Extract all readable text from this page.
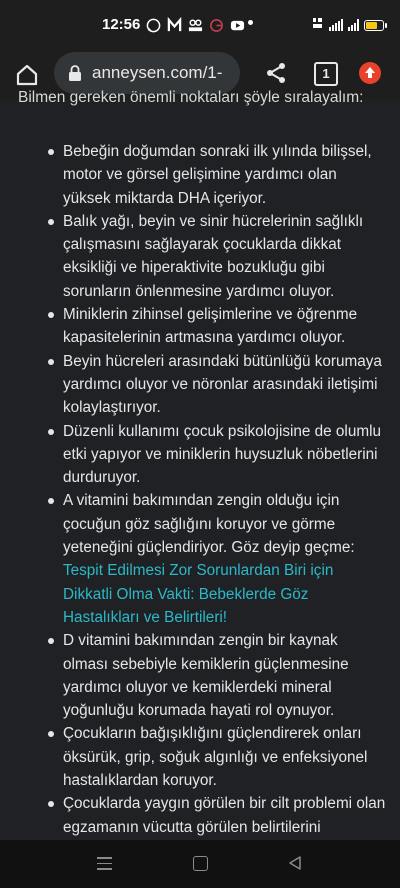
12:56
anneysen.com/1-	1
Bilmen gereken önemli noktaları şöyle sıralayalım:
Bebeğin doğumdan sonraki ilk yılında bilişsel, motor ve görsel gelişimine yardımcı olan yüksek miktarda DHA içeriyor.
Balık yağı, beyin ve sinir hücrelerinin sağlıklı çalışmasını sağlayarak çocuklarda dikkat eksikliği ve hiperaktivite bozukluğu gibi sorunların önlenmesine yardımcı oluyor.
Miniklerin zihinsel gelişimlerine ve öğrenme kapasitelerinin artmasına yardımcı oluyor.
Beyin hücreleri arasındaki bütünlüğü korumaya yardımcı oluyor ve nöronlar arasındaki iletişimi kolaylaştırıyor.
Düzenli kullanımı çocuk psikolojisine de olumlu etki yapıyor ve miniklerin huysuzluk nöbetlerini durduruyor.
A vitamini bakımından zengin olduğu için çocuğun göz sağlığını koruyor ve görme yeteneğini güçlendiriyor. Göz deyip geçme: Tespit Edilmesi Zor Sorunlardan Biri için Dikkatli Olma Vakti: Bebeklerde Göz Hastalıkları ve Belirtileri!
D vitamini bakımından zengin bir kaynak olması sebebiyle kemiklerin güçlenmesine yardımcı oluyor ve kemiklerdeki mineral yoğunluğu korumada hayati rol oynuyor.
Çocukların bağışıklığını güçlendirerek onları öksürük, grip, soğuk algınlığı ve enfeksiyonel hastalıklardan koruyor.
Çocuklarda yaygın görülen bir cilt problemi olan egzamanın vücutta görülen belirtilerini
